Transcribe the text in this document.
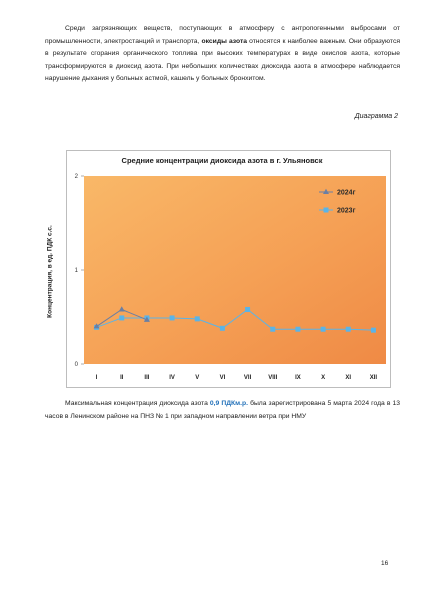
Среди загрязняющих веществ, поступающих в атмосферу с антропогенными выбросами от промышленности, электростанций и транспорта, оксиды азота относятся к наиболее важным. Они образуются в результате сгорания органического топлива при высоких температурах в виде окислов азота, которые трансформируются в диоксид азота. При небольших количествах диоксида азота в атмосфере наблюдается нарушение дыхания у больных астмой, кашель у больных бронхитом.
Диаграмма 2
Средние концентрации диоксида азота в г. Ульяновск
Концентрация, в ед. ПДК с.с.
0
1
2
I	II	III	IV	V	VI	VII	VIII	IX	X	XI	XII
2024г
2023г
Максимальная концентрация диоксида азота 0,9 ПДКм.р. была зарегистрирована 5 марта 2024 года в 13 часов в Ленинском районе на ПНЗ № 1 при западном направлении ветра при НМУ
16
